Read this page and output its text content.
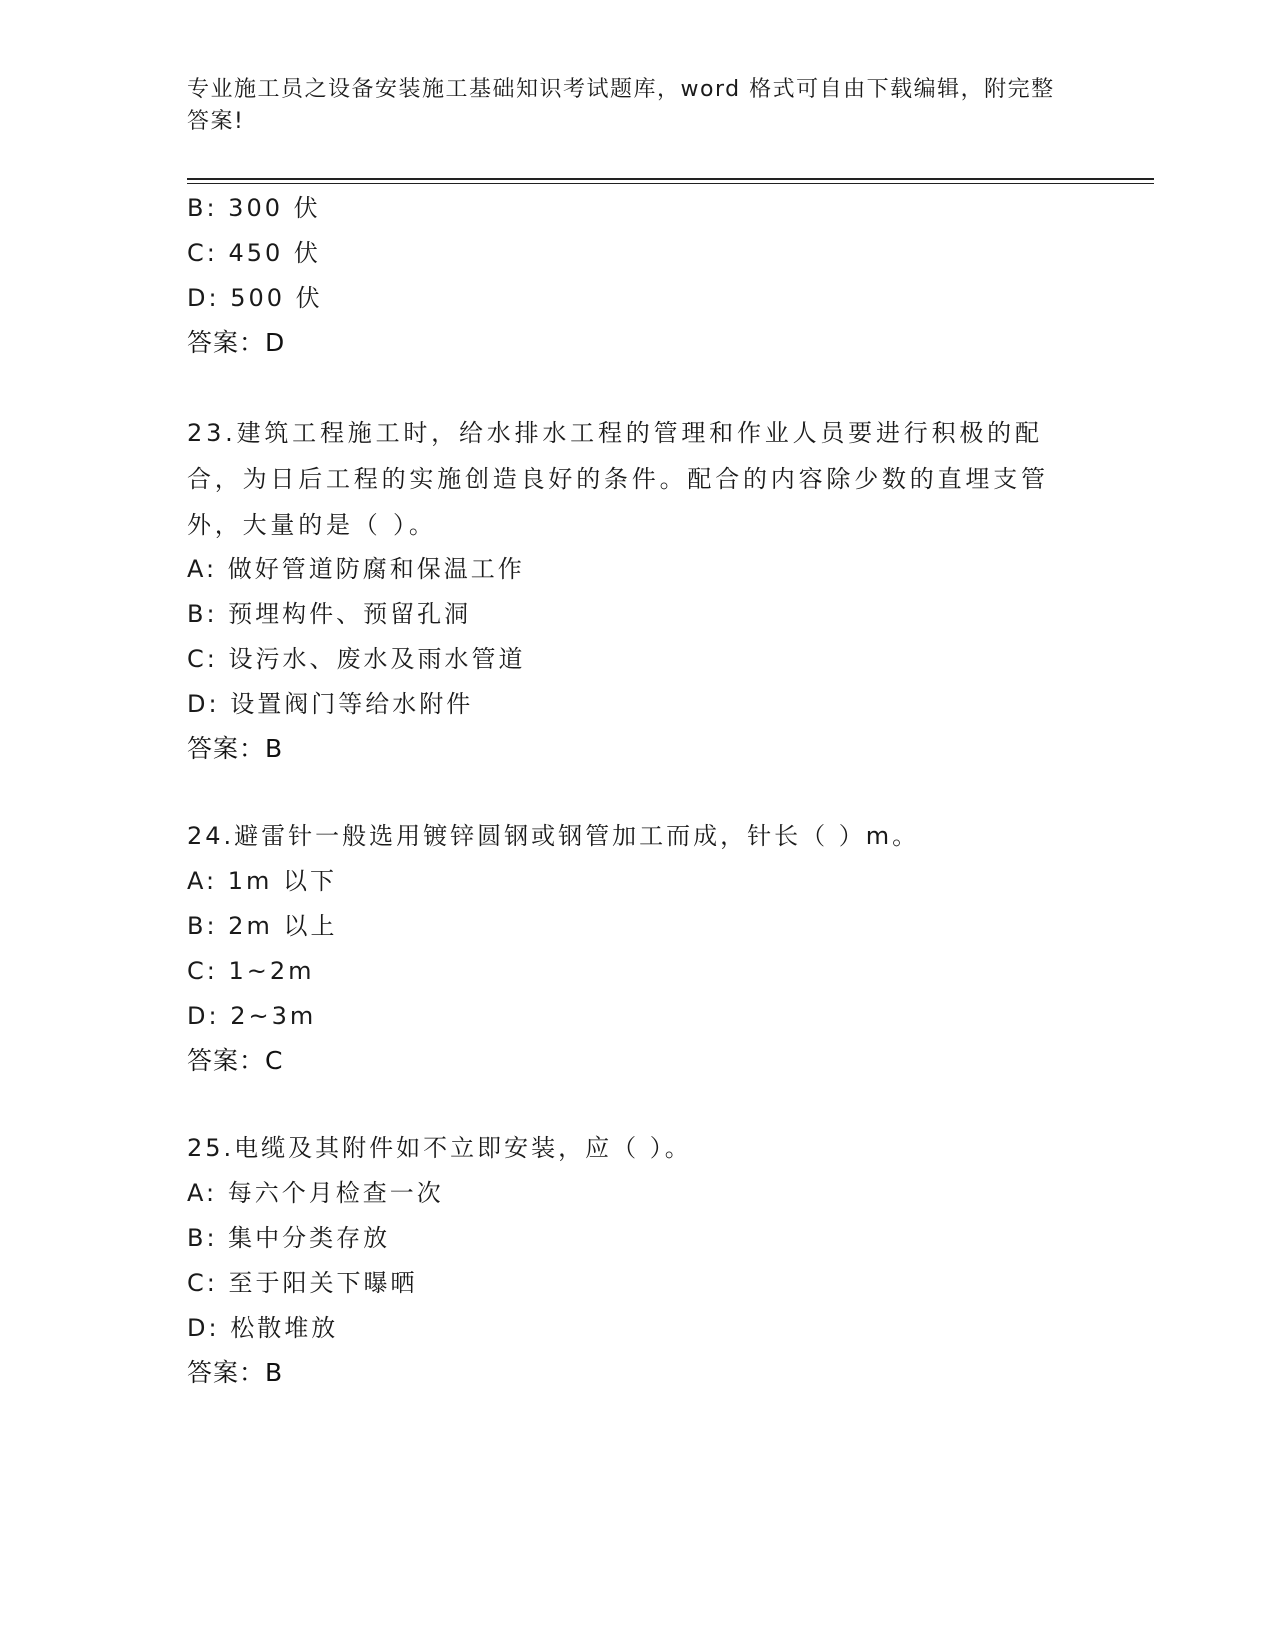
专业施工员之设备安装施工基础知识考试题库，word 格式可自由下载编辑，附完整答案!
B: 300 伏
C: 450 伏
D: 500 伏
答案：D
23.建筑工程施工时，给水排水工程的管理和作业人员要进行积极的配合，为日后工程的实施创造良好的条件。配合的内容除少数的直埋支管外，大量的是（ ）。
A: 做好管道防腐和保温工作
B: 预埋构件、预留孔洞
C: 设污水、废水及雨水管道
D: 设置阀门等给水附件
答案：B
24.避雷针一般选用镀锌圆钢或钢管加工而成，针长（ ）m。
A: 1m 以下
B: 2m 以上
C: 1~2m
D: 2~3m
答案：C
25.电缆及其附件如不立即安装，应（ ）。
A: 每六个月检查一次
B: 集中分类存放
C: 至于阳关下曝晒
D: 松散堆放
答案：B
